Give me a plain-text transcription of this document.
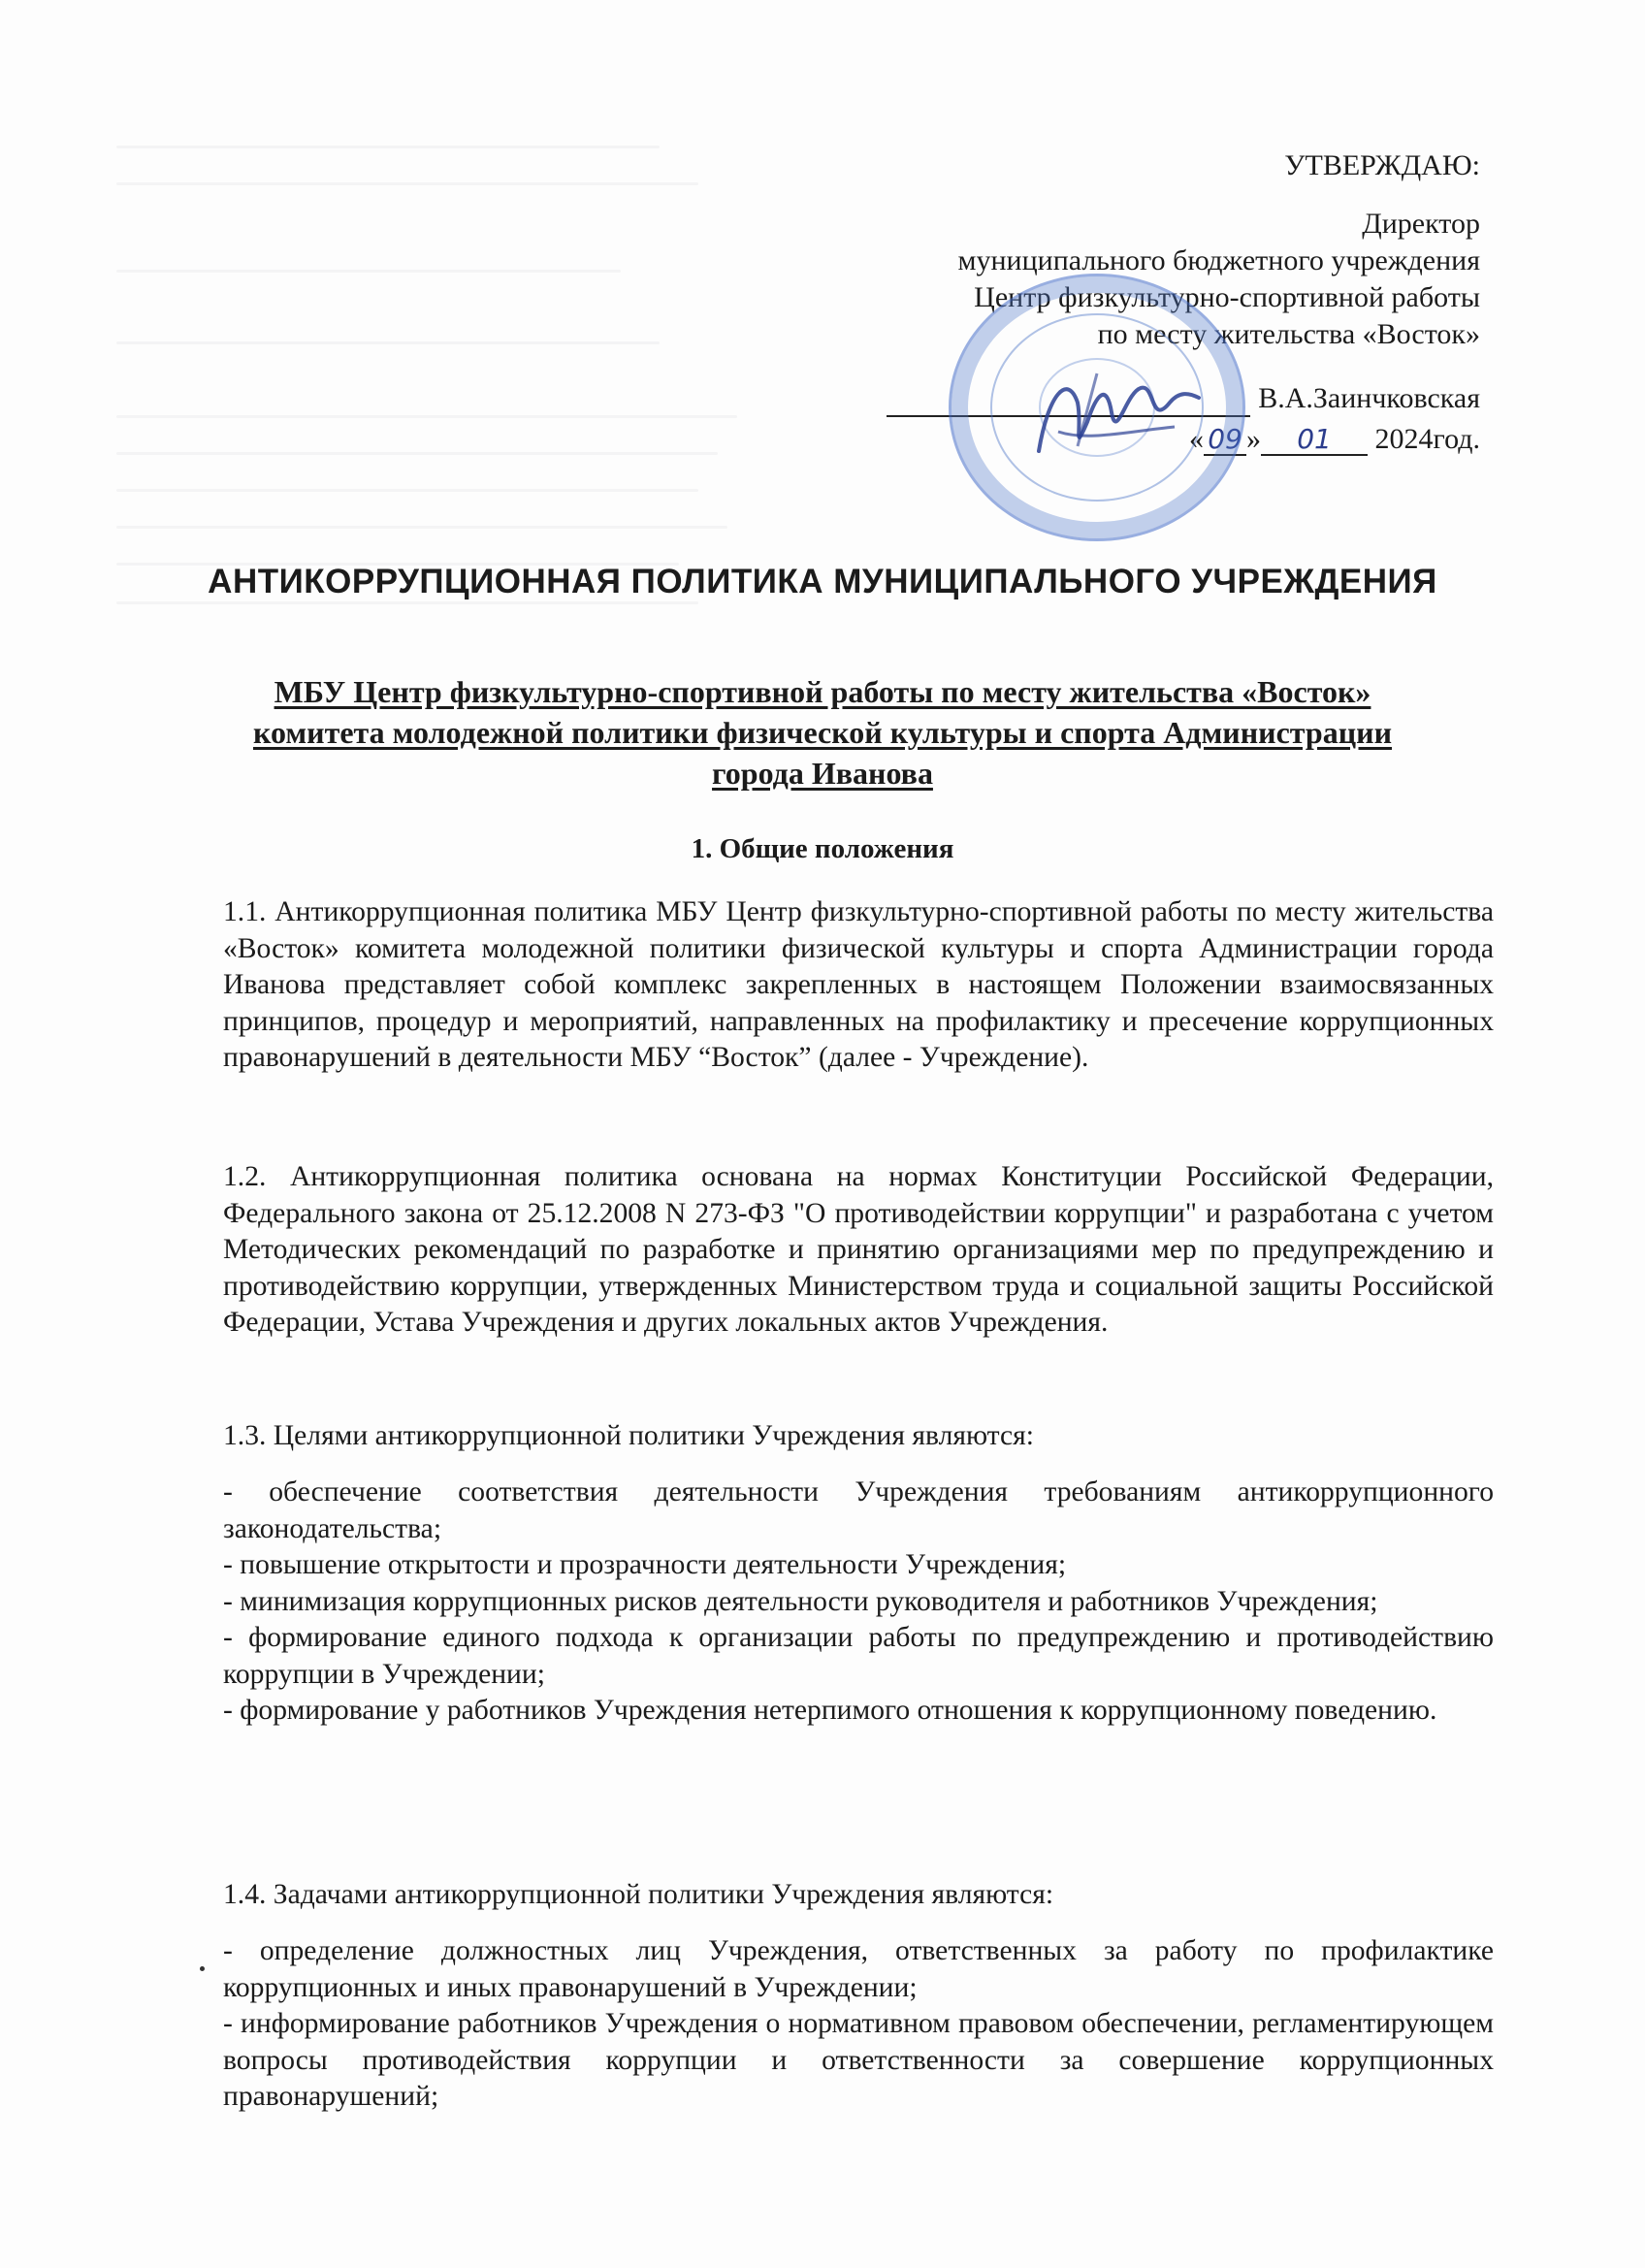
УТВЕРЖДАЮ:
Директор
муниципального бюджетного учреждения
Центр физкультурно-спортивной работы
по месту жительства «Восток»
В.А.Заинчковская
« 09 » 01 2024год.
АНТИКОРРУПЦИОННАЯ ПОЛИТИКА МУНИЦИПАЛЬНОГО УЧРЕЖДЕНИЯ
МБУ Центр физкультурно-спортивной работы по месту жительства «Восток» комитета молодежной политики физической культуры и спорта Администрации города Иванова
1. Общие положения

1.1. Антикоррупционная политика МБУ Центр физкультурно-спортивной работы по месту жительства «Восток» комитета молодежной политики физической культуры и спорта Администрации города Иванова представляет собой комплекс закрепленных в настоящем Положении взаимосвязанных принципов, процедур и мероприятий, направленных на профилактику и пресечение коррупционных правонарушений в деятельности МБУ “Восток” (далее - Учреждение).

1.2. Антикоррупционная политика основана на нормах Конституции Российской Федерации, Федерального закона от 25.12.2008 N 273-ФЗ "О противодействии коррупции" и разработана с учетом Методических рекомендаций по разработке и принятию организациями мер по предупреждению и противодействию коррупции, утвержденных Министерством труда и социальной защиты Российской Федерации, Устава Учреждения и других локальных актов Учреждения.

1.3. Целями антикоррупционной политики Учреждения являются:

- обеспечение соответствия деятельности Учреждения требованиям антикоррупционного законодательства;

- повышение открытости и прозрачности деятельности Учреждения;

- минимизация коррупционных рисков деятельности руководителя и работников Учреждения;

- формирование единого подхода к организации работы по предупреждению и противодействию коррупции в Учреждении;

- формирование у работников Учреждения нетерпимого отношения к коррупционному поведению.

1.4. Задачами антикоррупционной политики Учреждения являются:

- определение должностных лиц Учреждения, ответственных за работу по профилактике коррупционных и иных правонарушений в Учреждении;

- информирование работников Учреждения о нормативном правовом обеспечении, регламентирующем вопросы противодействия коррупции и ответственности за совершение коррупционных правонарушений;
